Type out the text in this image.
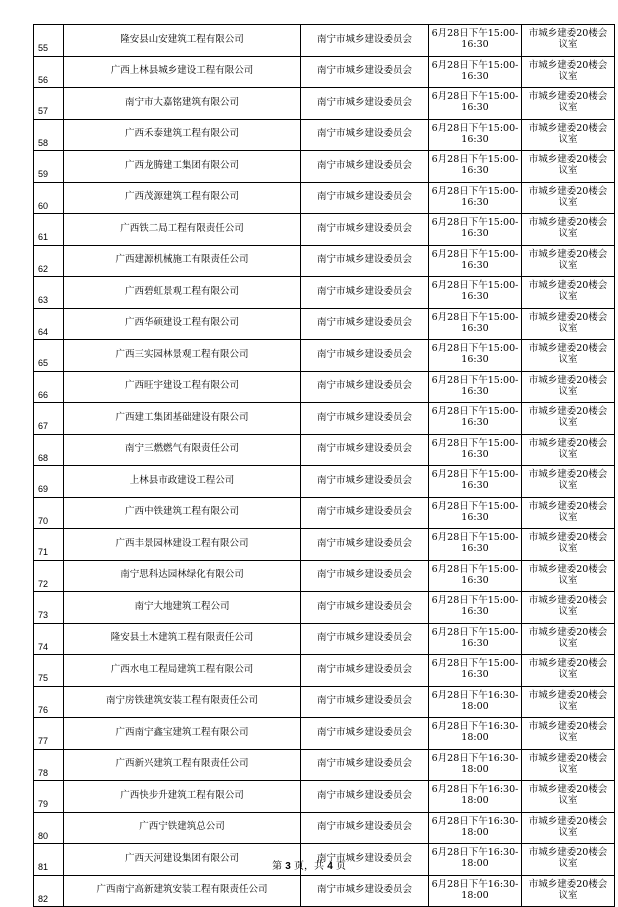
55	隆安县山安建筑工程有限公司	南宁市城乡建设委员会	6月28日下午15:00-
16:30	市城乡建委20楼会
议室

56	广西上林县城乡建设工程有限公司	南宁市城乡建设委员会	6月28日下午15:00-
16:30	市城乡建委20楼会
议室

57	南宁市大嘉铭建筑有限公司	南宁市城乡建设委员会	6月28日下午15:00-
16:30	市城乡建委20楼会
议室

58	广西禾泰建筑工程有限公司	南宁市城乡建设委员会	6月28日下午15:00-
16:30	市城乡建委20楼会
议室

59	广西龙腾建工集团有限公司	南宁市城乡建设委员会	6月28日下午15:00-
16:30	市城乡建委20楼会
议室

60	广西茂源建筑工程有限公司	南宁市城乡建设委员会	6月28日下午15:00-
16:30	市城乡建委20楼会
议室

61	广西铁二局工程有限责任公司	南宁市城乡建设委员会	6月28日下午15:00-
16:30	市城乡建委20楼会
议室

62	广西建源机械施工有限责任公司	南宁市城乡建设委员会	6月28日下午15:00-
16:30	市城乡建委20楼会
议室

63	广西碧虹景观工程有限公司	南宁市城乡建设委员会	6月28日下午15:00-
16:30	市城乡建委20楼会
议室

64	广西华硕建设工程有限公司	南宁市城乡建设委员会	6月28日下午15:00-
16:30	市城乡建委20楼会
议室

65	广西三实园林景观工程有限公司	南宁市城乡建设委员会	6月28日下午15:00-
16:30	市城乡建委20楼会
议室

66	广西旺宇建设工程有限公司	南宁市城乡建设委员会	6月28日下午15:00-
16:30	市城乡建委20楼会
议室

67	广西建工集团基础建设有限公司	南宁市城乡建设委员会	6月28日下午15:00-
16:30	市城乡建委20楼会
议室

68	南宁三燃燃气有限责任公司	南宁市城乡建设委员会	6月28日下午15:00-
16:30	市城乡建委20楼会
议室

69	上林县市政建设工程公司	南宁市城乡建设委员会	6月28日下午15:00-
16:30	市城乡建委20楼会
议室

70	广西中铁建筑工程有限公司	南宁市城乡建设委员会	6月28日下午15:00-
16:30	市城乡建委20楼会
议室

71	广西丰景园林建设工程有限公司	南宁市城乡建设委员会	6月28日下午15:00-
16:30	市城乡建委20楼会
议室

72	南宁思科达园林绿化有限公司	南宁市城乡建设委员会	6月28日下午15:00-
16:30	市城乡建委20楼会
议室

73	南宁大地建筑工程公司	南宁市城乡建设委员会	6月28日下午15:00-
16:30	市城乡建委20楼会
议室

74	隆安县土木建筑工程有限责任公司	南宁市城乡建设委员会	6月28日下午15:00-
16:30	市城乡建委20楼会
议室

75	广西水电工程局建筑工程有限公司	南宁市城乡建设委员会	6月28日下午15:00-
16:30	市城乡建委20楼会
议室

76	南宁房铁建筑安装工程有限责任公司	南宁市城乡建设委员会	6月28日下午16:30-
18:00	市城乡建委20楼会
议室

77	广西南宁鑫宝建筑工程有限公司	南宁市城乡建设委员会	6月28日下午16:30-
18:00	市城乡建委20楼会
议室

78	广西新兴建筑工程有限责任公司	南宁市城乡建设委员会	6月28日下午16:30-
18:00	市城乡建委20楼会
议室

79	广西快步升建筑工程有限公司	南宁市城乡建设委员会	6月28日下午16:30-
18:00	市城乡建委20楼会
议室

80	广西宁铁建筑总公司	南宁市城乡建设委员会	6月28日下午16:30-
18:00	市城乡建委20楼会
议室

81	广西天河建设集团有限公司	南宁市城乡建设委员会	6月28日下午16:30-
18:00	市城乡建委20楼会
议室

82	广西南宁高新建筑安装工程有限责任公司	南宁市城乡建设委员会	6月28日下午16:30-
18:00	市城乡建委20楼会
议室
第 3 页，共 4 页
